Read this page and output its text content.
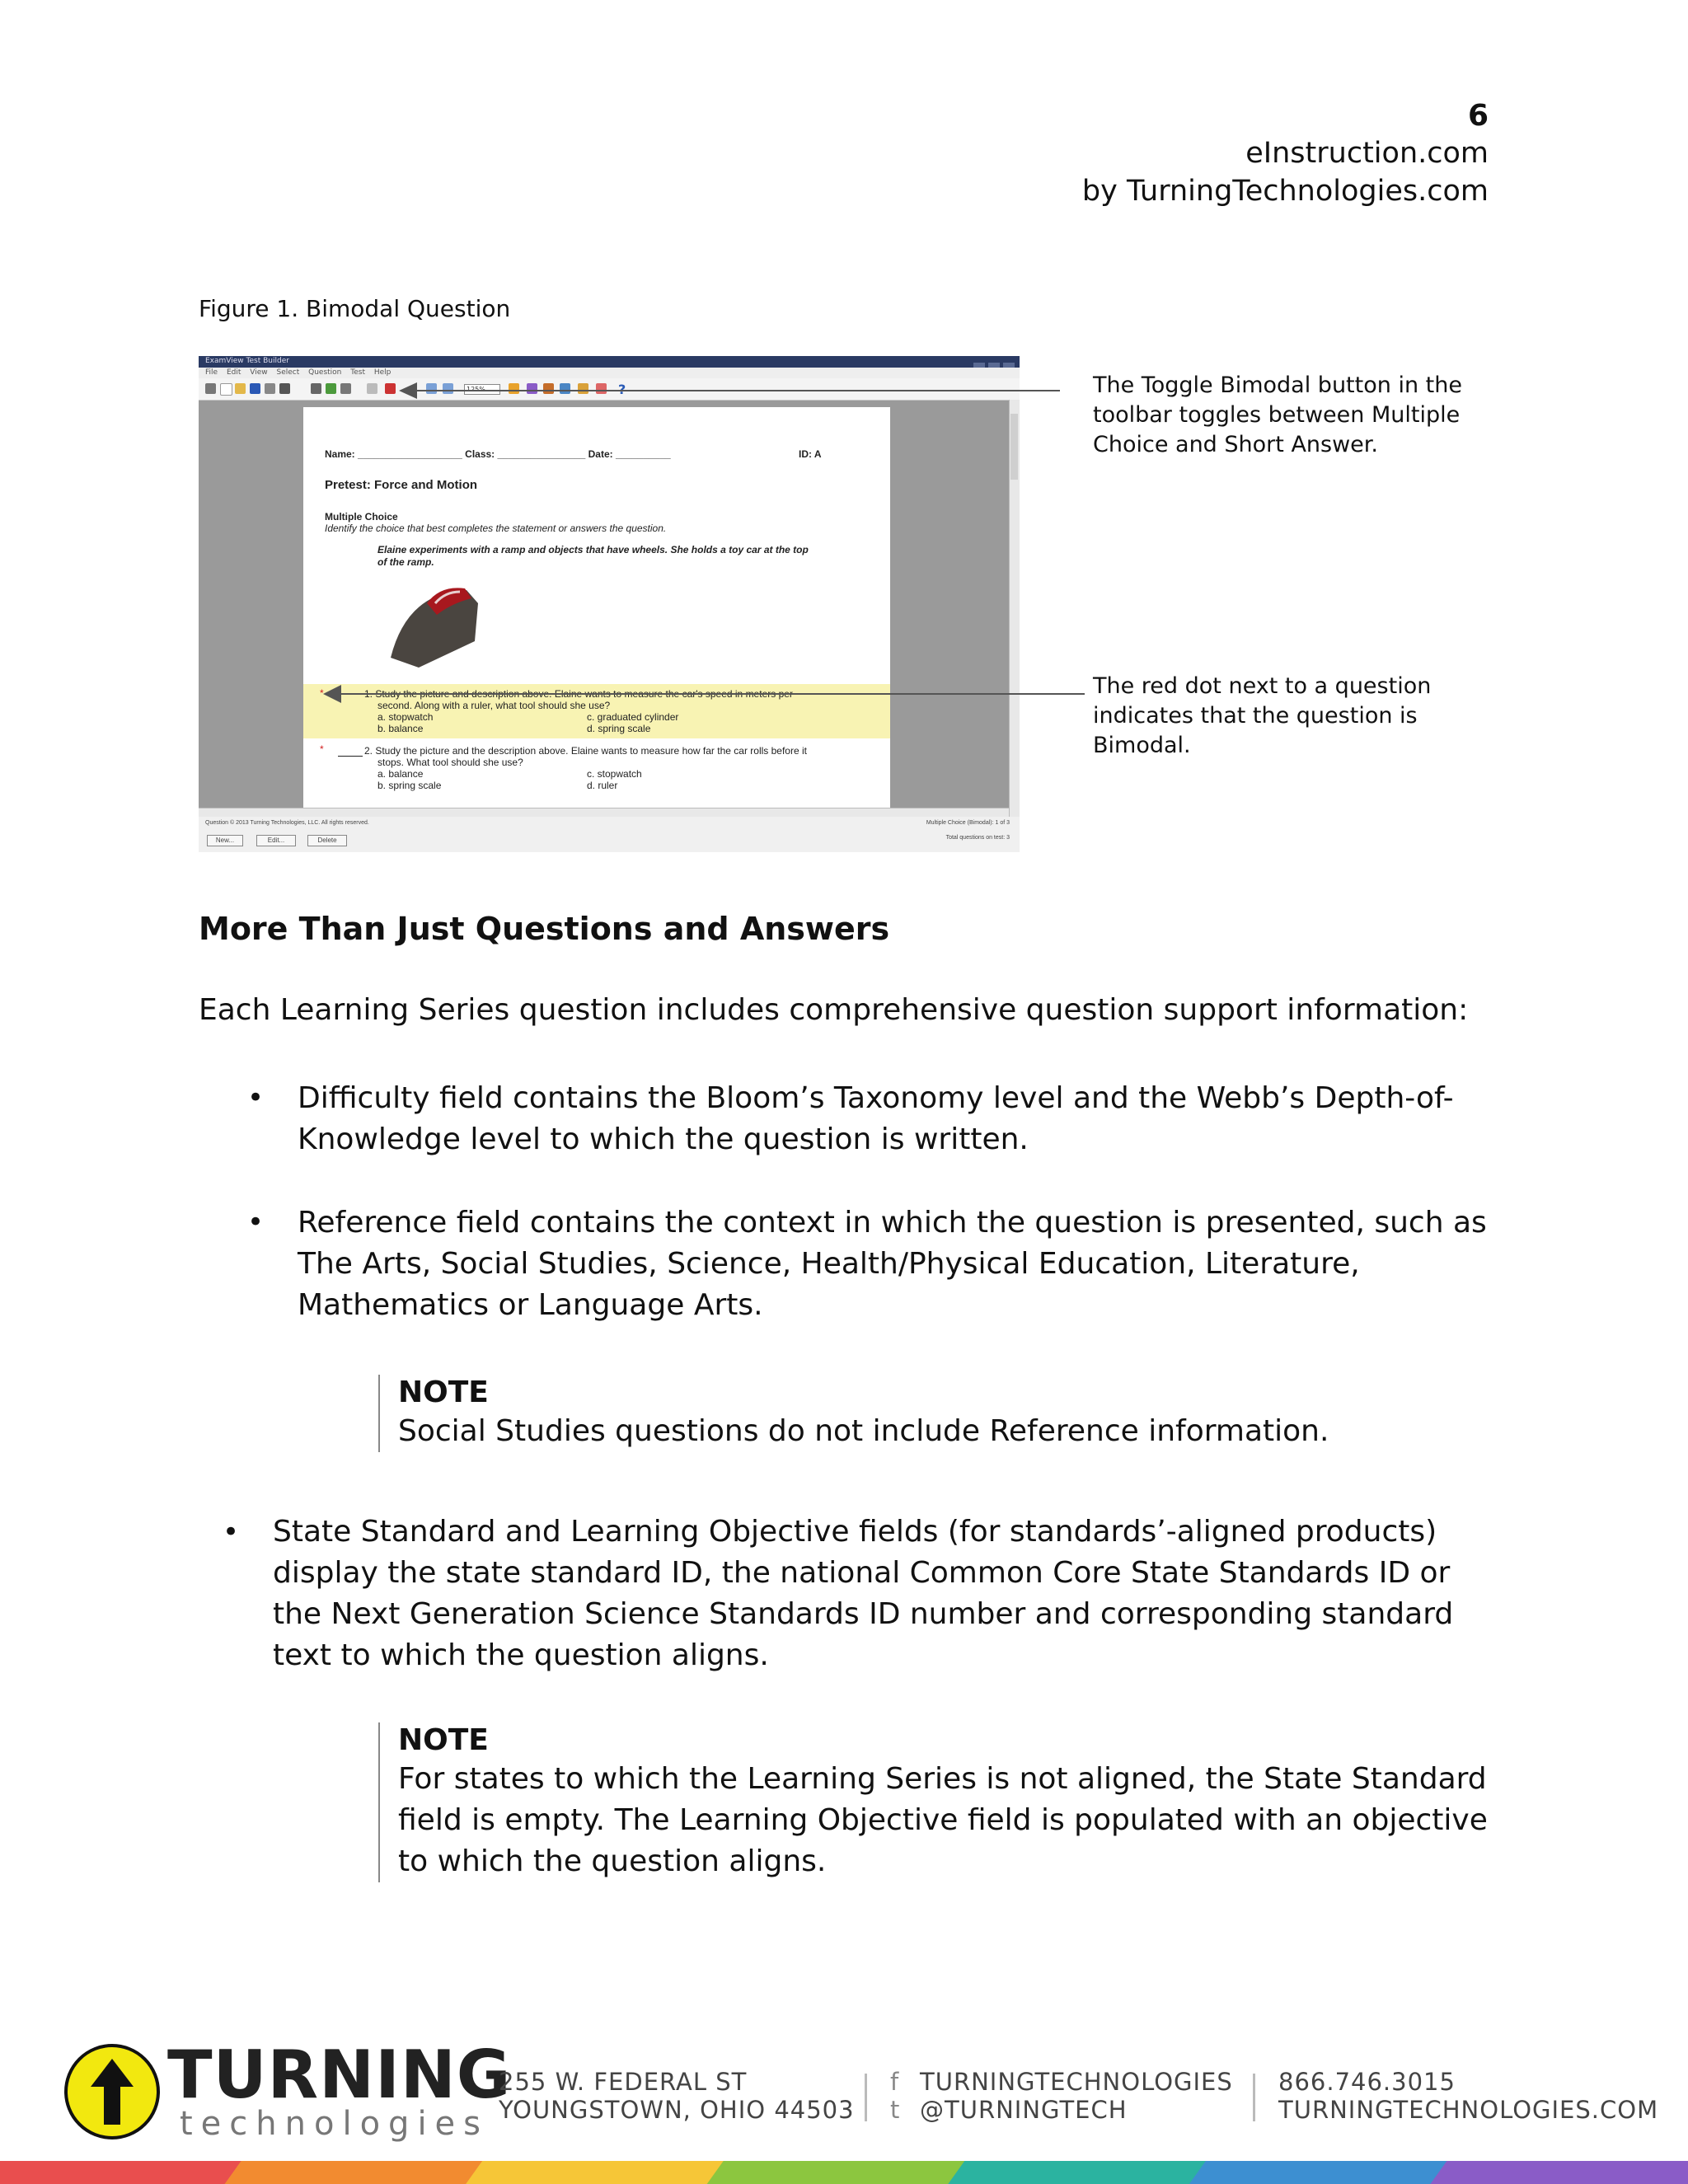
6
eInstruction.com
by TurningTechnologies.com
Figure 1. Bimodal Question
ExamView Test Builder
File Edit View Select Question Test Help
Name: ___________________ Class: ________________ Date: __________	ID: A
Pretest: Force and Motion
Multiple Choice
Identify the choice that best completes the statement or answers the question.
Elaine experiments with a ramp and objects that have wheels. She holds a toy car at the top
of the ramp.
*
second. Along with a ruler, what tool should she use?
a. stopwatch
b. balance
c. graduated cylinder
d. spring scale
*	2. Study the picture and the description above. Elaine wants to measure how far the car rolls before it
stops. What tool should she use?
a. balance
b. spring scale
c. stopwatch
d. ruler
Question © 2013 Turning Technologies, LLC. All rights reserved.	Multiple Choice (Bimodal): 1 of 3
Total questions on test: 3
New...	Edit...	Delete
The Toggle Bimodal button in the toolbar toggles between Multiple Choice and Short Answer.
The red dot next to a question indicates that the question is Bimodal.
More Than Just Questions and Answers
Each Learning Series question includes comprehensive question support information:
• Difficulty field contains the Bloom’s Taxonomy level and the Webb’s Depth-of-Knowledge level to which the question is written.
• Reference field contains the context in which the question is presented, such as The Arts, Social Studies, Science, Health/Physical Education, Literature, Mathematics or Language Arts.
NOTE
Social Studies questions do not include Reference information.
• State Standard and Learning Objective fields (for standards’-aligned products) display the state standard ID, the national Common Core State Standards ID or the Next Generation Science Standards ID number and corresponding standard text to which the question aligns.
NOTE
For states to which the Learning Series is not aligned, the State Standard field is empty. The Learning Objective field is populated with an objective to which the question aligns.
TURNING
technologies
255 W. FEDERAL ST
YOUNGSTOWN, OHIO 44503
f
t
TURNINGTECHNOLOGIES
@TURNINGTECH
866.746.3015
TURNINGTECHNOLOGIES.COM
